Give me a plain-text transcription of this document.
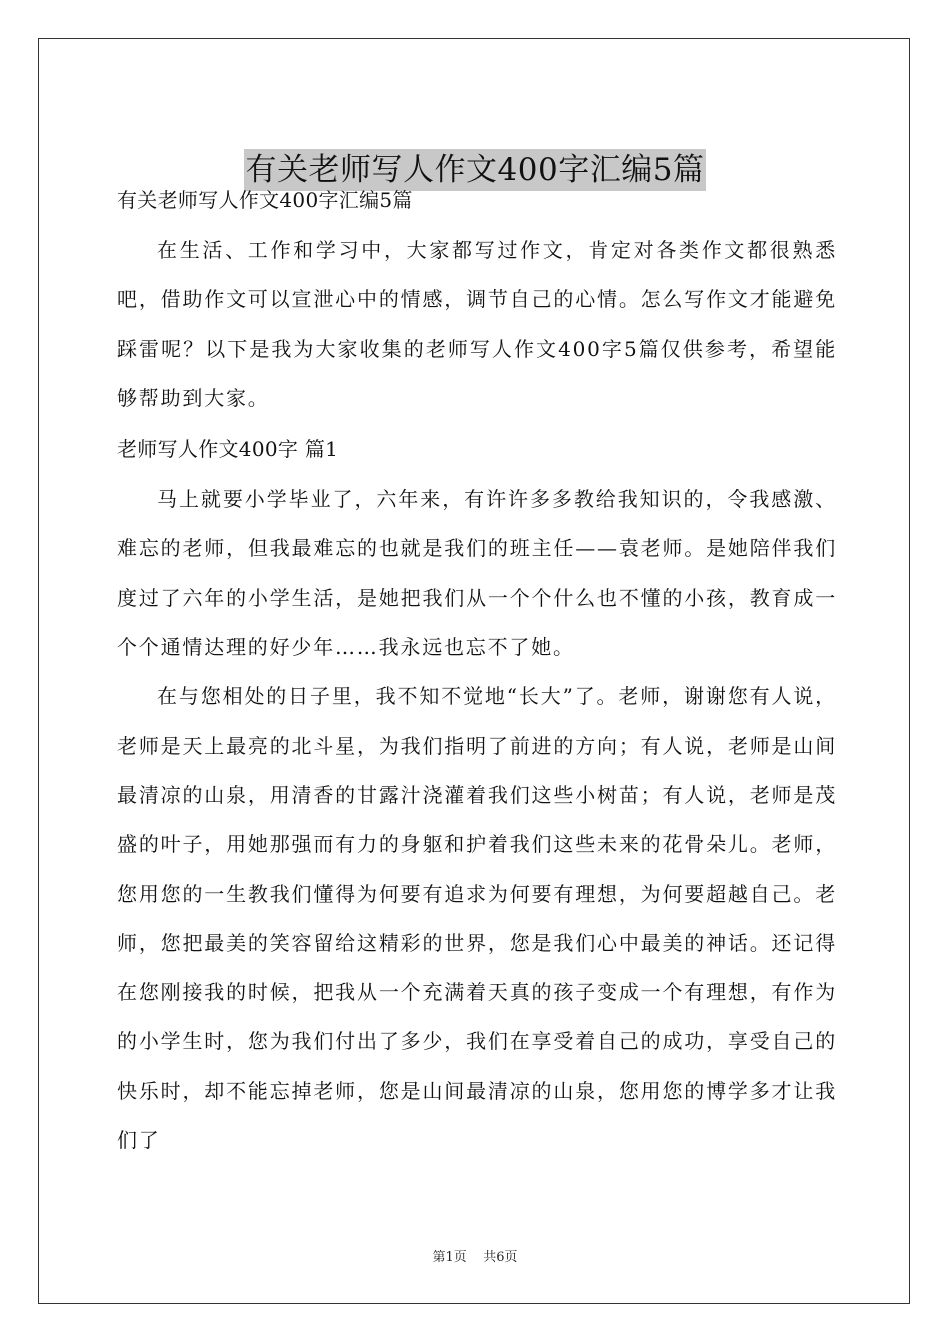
有关老师写人作文400字汇编5篇

有关老师写人作文400字汇编5篇

在生活、工作和学习中，大家都写过作文，肯定对各类作文都很熟悉吧，借助作文可以宣泄心中的情感，调节自己的心情。怎么写作文才能避免踩雷呢？以下是我为大家收集的老师写人作文400字5篇仅供参考，希望能够帮助到大家。

老师写人作文400字 篇1

马上就要小学毕业了，六年来，有许许多多教给我知识的，令我感激、难忘的老师，但我最难忘的也就是我们的班主任——袁老师。是她陪伴我们度过了六年的小学生活，是她把我们从一个个什么也不懂的小孩，教育成一个个通情达理的好少年……我永远也忘不了她。

在与您相处的日子里，我不知不觉地“长大”了。老师，谢谢您有人说，老师是天上最亮的北斗星，为我们指明了前进的方向；有人说，老师是山间最清凉的山泉，用清香的甘露汁浇灌着我们这些小树苗；有人说，老师是茂盛的叶子，用她那强而有力的身躯和护着我们这些未来的花骨朵儿。老师，您用您的一生教我们懂得为何要有追求为何要有理想，为何要超越自己。老师，您把最美的笑容留给这精彩的世界，您是我们心中最美的神话。还记得在您刚接我的时候，把我从一个充满着天真的孩子变成一个有理想，有作为的小学生时，您为我们付出了多少，我们在享受着自己的成功，享受自己的快乐时，却不能忘掉老师，您是山间最清凉的山泉，您用您的博学多才让我们了

第1页    共6页
